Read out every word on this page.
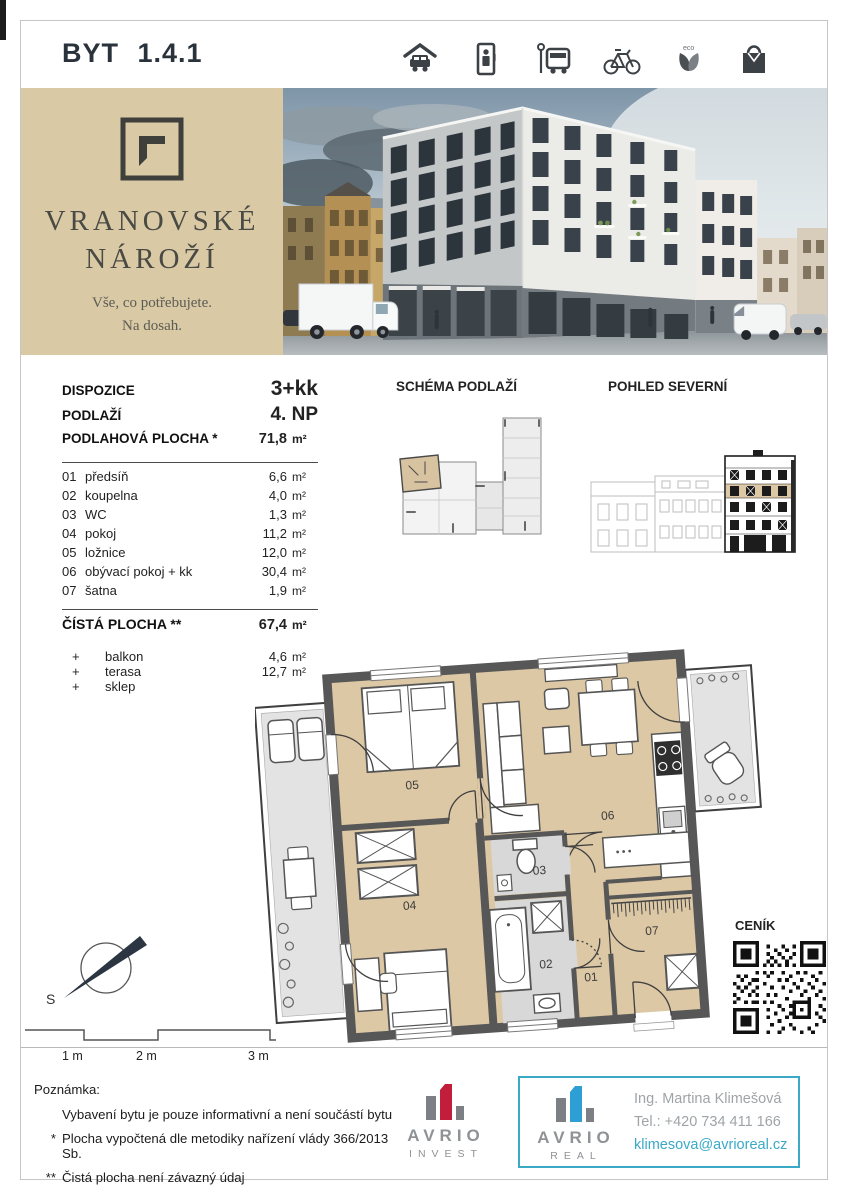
BYT 1.4.1	eco
VRANOVSKÉ
NÁROŽÍ
Vše, co potřebujete.
Na dosah.
DISPOZICE	3+kk
PODLAŽÍ	4. NP
PODLAHOVÁ PLOCHA *	71,8 m²
01 předsíň	6,6 m²
02 koupelna	4,0 m²
03 WC	1,3 m²
04 pokoj	11,2 m²
05 ložnice	12,0 m²
06 obývací pokoj + kk	30,4 m²
07 šatna	1,9 m²
ČÍSTÁ PLOCHA **	67,4 m²
+	balkon	4,6 m²
+	terasa	12,7 m²
+	sklep
SCHÉMA PODLAŽÍ	POHLED SEVERNÍ
05
04
06
03
02
01
07
S
1 m	2 m	3 m
CENÍK
Poznámka:
Vybavení bytu je pouze informativní a není součástí bytu
* Plocha vypočtená dle metodiky nařízení vlády 366/2013 Sb.
** Čistá plocha není závazný údaj
AVRIO
INVEST
AVRIO
REAL
Ing. Martina Klimešová
Tel.: +420 734 411 166
klimesova@avrioreal.cz
